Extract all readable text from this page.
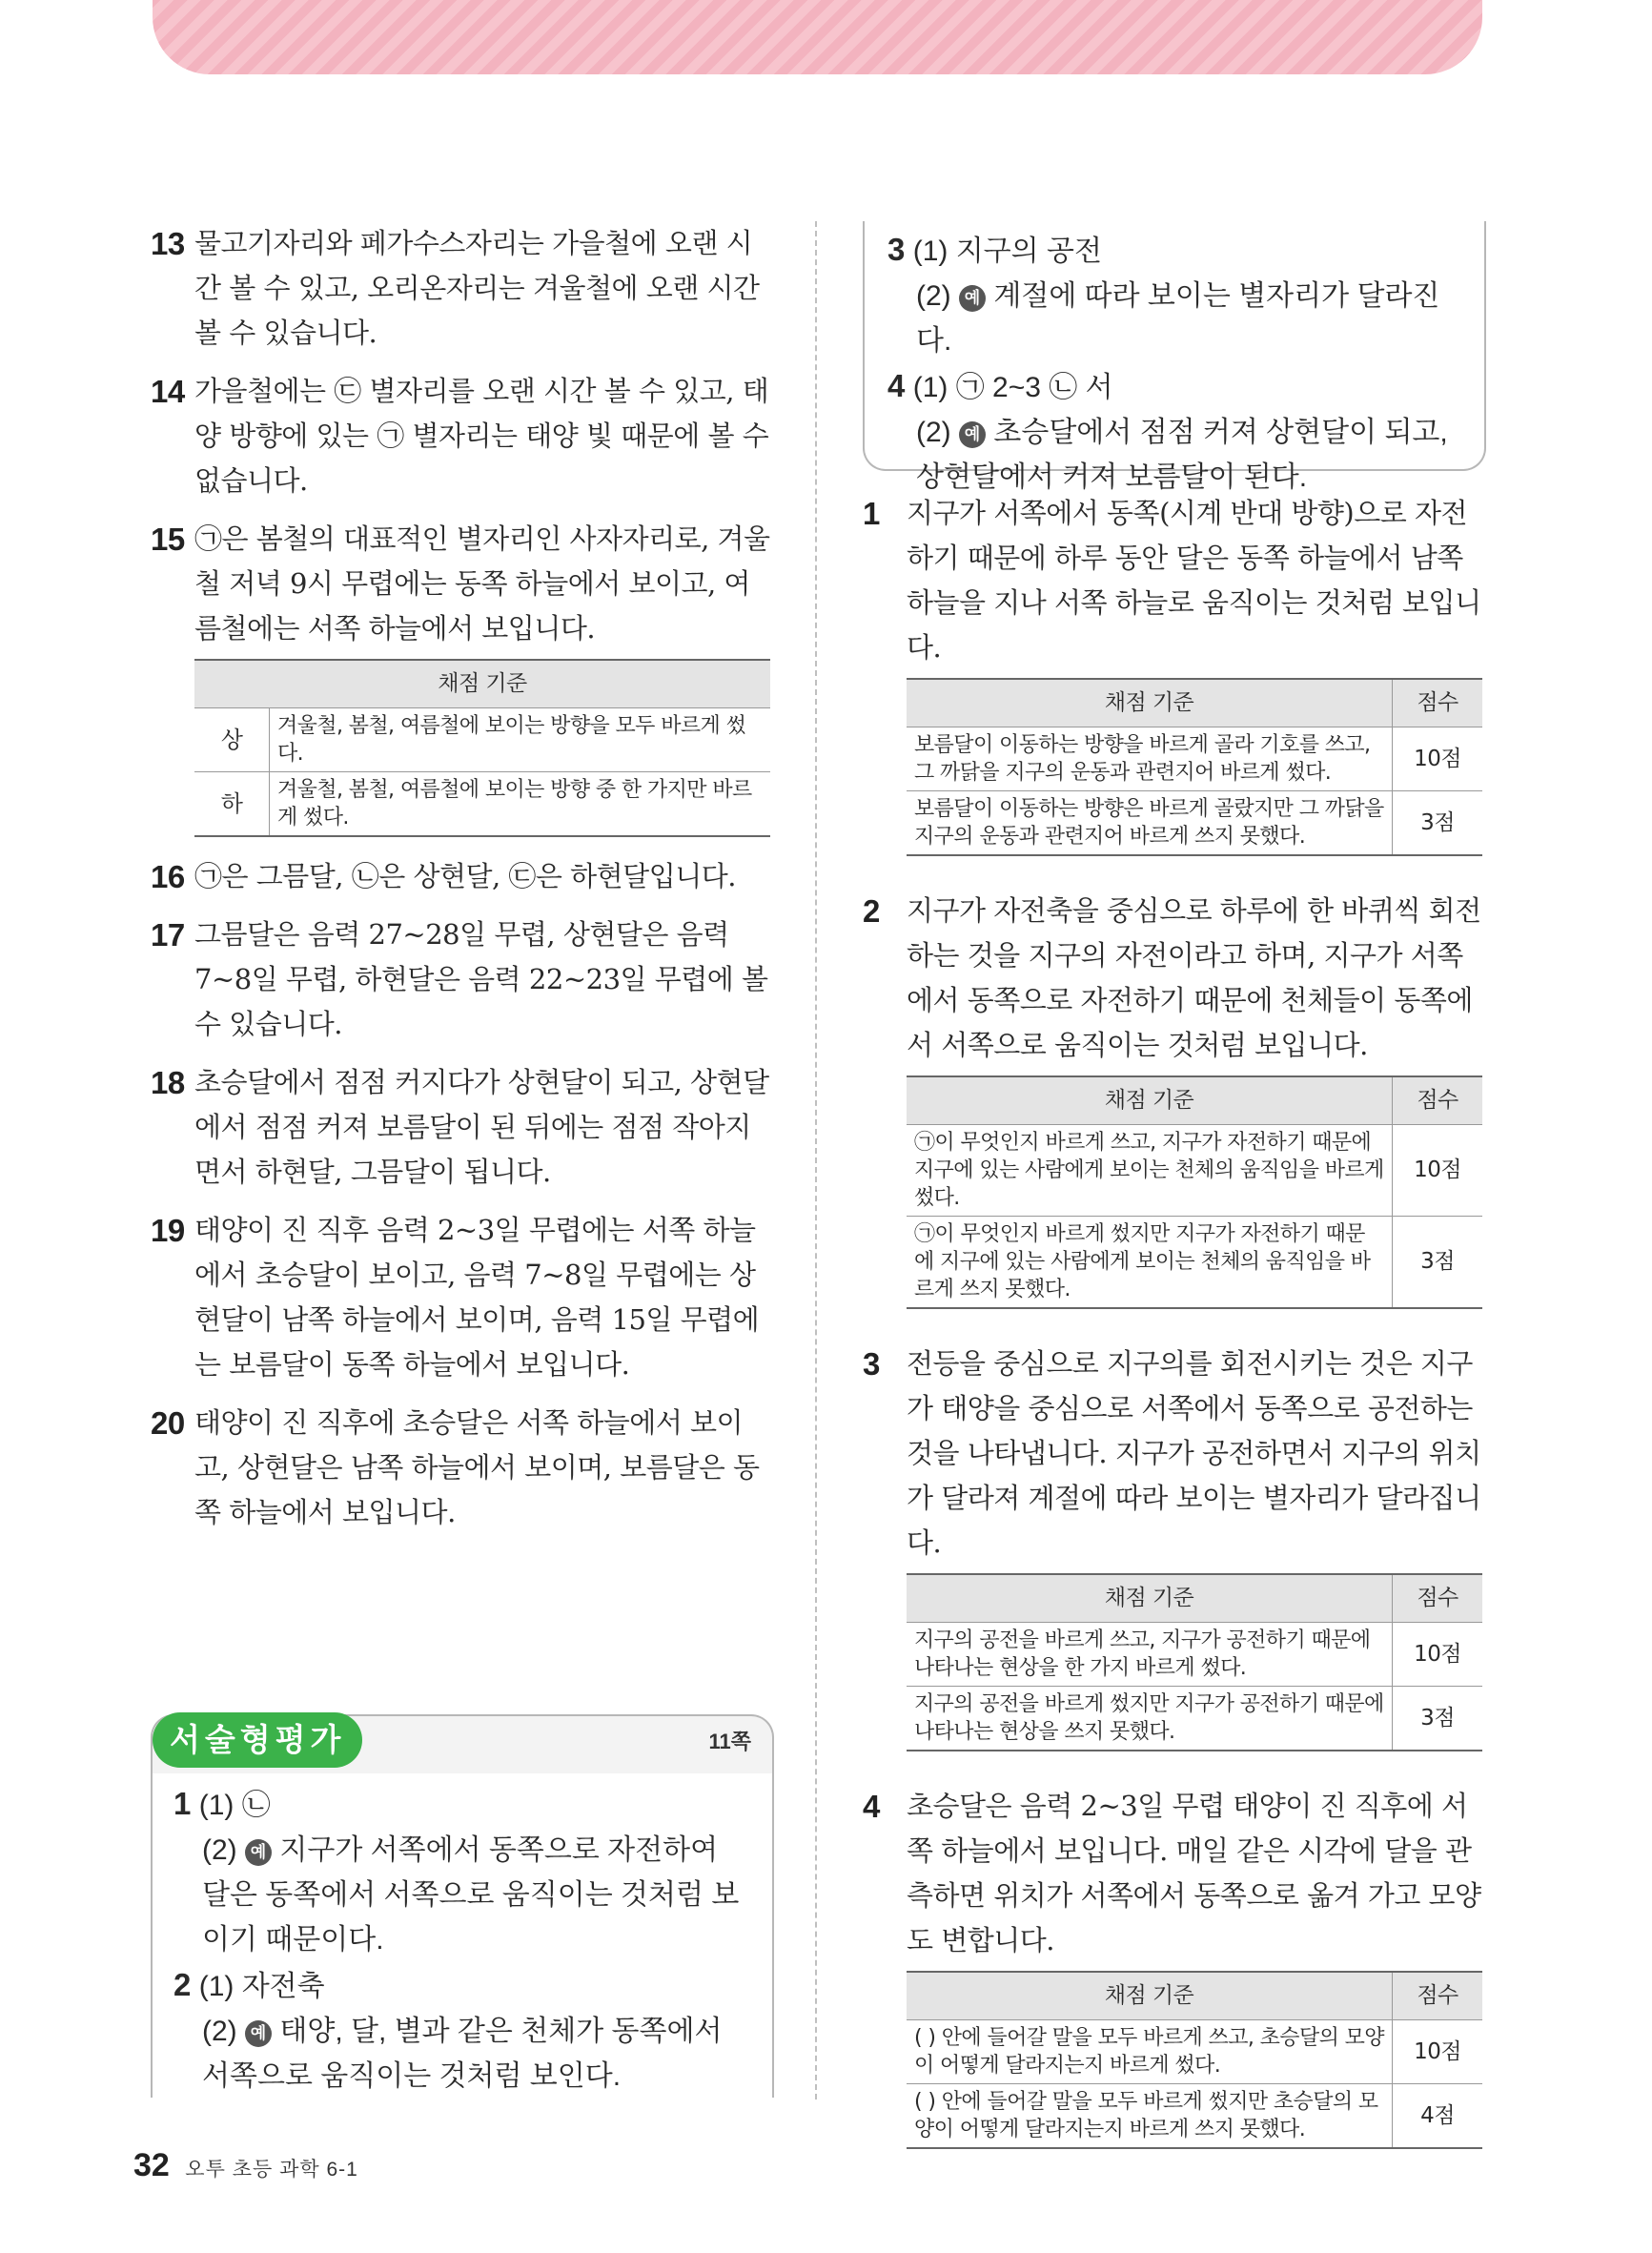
13 물고기자리와 페가수스자리는 가을철에 오랜 시간 볼 수 있고, 오리온자리는 겨울철에 오랜 시간 볼 수 있습니다.
14 가을철에는 ㉢ 별자리를 오랜 시간 볼 수 있고, 태양 방향에 있는 ㉠ 별자리는 태양 빛 때문에 볼 수 없습니다.
15 ㉠은 봄철의 대표적인 별자리인 사자자리로, 겨울철 저녁 9시 무렵에는 동쪽 하늘에서 보이고, 여름철에는 서쪽 하늘에서 보입니다.
채점 기준	
상	겨울철, 봄철, 여름철에 보이는 방향을 모두 바르게 썼다.
하	겨울철, 봄철, 여름철에 보이는 방향 중 한 가지만 바르게 썼다.
16 ㉠은 그믐달, ㉡은 상현달, ㉢은 하현달입니다.
17 그믐달은 음력 27~28일 무렵, 상현달은 음력 7~8일 무렵, 하현달은 음력 22~23일 무렵에 볼 수 있습니다.
18 초승달에서 점점 커지다가 상현달이 되고, 상현달에서 점점 커져 보름달이 된 뒤에는 점점 작아지면서 하현달, 그믐달이 됩니다.
19 태양이 진 직후 음력 2~3일 무렵에는 서쪽 하늘에서 초승달이 보이고, 음력 7~8일 무렵에는 상현달이 남쪽 하늘에서 보이며, 음력 15일 무렵에는 보름달이 동쪽 하늘에서 보입니다.
20 태양이 진 직후에 초승달은 서쪽 하늘에서 보이고, 상현달은 남쪽 하늘에서 보이며, 보름달은 동쪽 하늘에서 보입니다.
서술형평가	11쪽
1 (1) ㉡
(2) 예 지구가 서쪽에서 동쪽으로 자전하여 달은 동쪽에서 서쪽으로 움직이는 것처럼 보이기 때문이다.
2 (1) 자전축
(2) 예 태양, 달, 별과 같은 천체가 동쪽에서 서쪽으로 움직이는 것처럼 보인다.
3 (1) 지구의 공전
(2) 예 계절에 따라 보이는 별자리가 달라진다.
4 (1) ㉠ 2~3 ㉡ 서
(2) 예 초승달에서 점점 커져 상현달이 되고, 상현달에서 커져 보름달이 된다.
1 지구가 서쪽에서 동쪽(시계 반대 방향)으로 자전하기 때문에 하루 동안 달은 동쪽 하늘에서 남쪽 하늘을 지나 서쪽 하늘로 움직이는 것처럼 보입니다.
채점 기준	점수
보름달이 이동하는 방향을 바르게 골라 기호를 쓰고, 그 까닭을 지구의 운동과 관련지어 바르게 썼다.	10점
보름달이 이동하는 방향은 바르게 골랐지만 그 까닭을 지구의 운동과 관련지어 바르게 쓰지 못했다.	3점
2 지구가 자전축을 중심으로 하루에 한 바퀴씩 회전하는 것을 지구의 자전이라고 하며, 지구가 서쪽에서 동쪽으로 자전하기 때문에 천체들이 동쪽에서 서쪽으로 움직이는 것처럼 보입니다.
채점 기준	점수
㉠이 무엇인지 바르게 쓰고, 지구가 자전하기 때문에 지구에 있는 사람에게 보이는 천체의 움직임을 바르게 썼다.	10점
㉠이 무엇인지 바르게 썼지만 지구가 자전하기 때문에 지구에 있는 사람에게 보이는 천체의 움직임을 바르게 쓰지 못했다.	3점
3 전등을 중심으로 지구의를 회전시키는 것은 지구가 태양을 중심으로 서쪽에서 동쪽으로 공전하는 것을 나타냅니다. 지구가 공전하면서 지구의 위치가 달라져 계절에 따라 보이는 별자리가 달라집니다.
채점 기준	점수
지구의 공전을 바르게 쓰고, 지구가 공전하기 때문에 나타나는 현상을 한 가지 바르게 썼다.	10점
지구의 공전을 바르게 썼지만 지구가 공전하기 때문에 나타나는 현상을 쓰지 못했다.	3점
4 초승달은 음력 2~3일 무렵 태양이 진 직후에 서쪽 하늘에서 보입니다. 매일 같은 시각에 달을 관측하면 위치가 서쪽에서 동쪽으로 옮겨 가고 모양도 변합니다.
채점 기준	점수
( ) 안에 들어갈 말을 모두 바르게 쓰고, 초승달의 모양이 어떻게 달라지는지 바르게 썼다.	10점
( ) 안에 들어갈 말을 모두 바르게 썼지만 초승달의 모양이 어떻게 달라지는지 바르게 쓰지 못했다.	4점
32 오투 초등 과학 6-1
